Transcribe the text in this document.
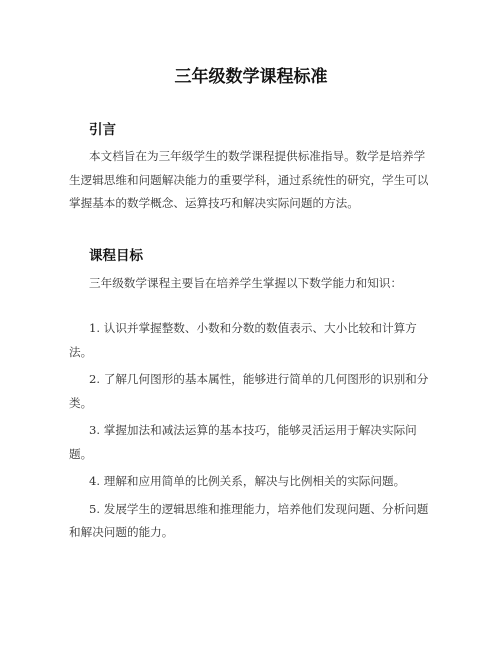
三年级数学课程标准
引言
本文档旨在为三年级学生的数学课程提供标准指导。数学是培养学生逻辑思维和问题解决能力的重要学科，通过系统性的研究，学生可以掌握基本的数学概念、运算技巧和解决实际问题的方法。
课程目标
三年级数学课程主要旨在培养学生掌握以下数学能力和知识：
1. 认识并掌握整数、小数和分数的数值表示、大小比较和计算方法。
2. 了解几何图形的基本属性，能够进行简单的几何图形的识别和分类。
3. 掌握加法和减法运算的基本技巧，能够灵活运用于解决实际问题。
4. 理解和应用简单的比例关系，解决与比例相关的实际问题。
5. 发展学生的逻辑思维和推理能力，培养他们发现问题、分析问题和解决问题的能力。
